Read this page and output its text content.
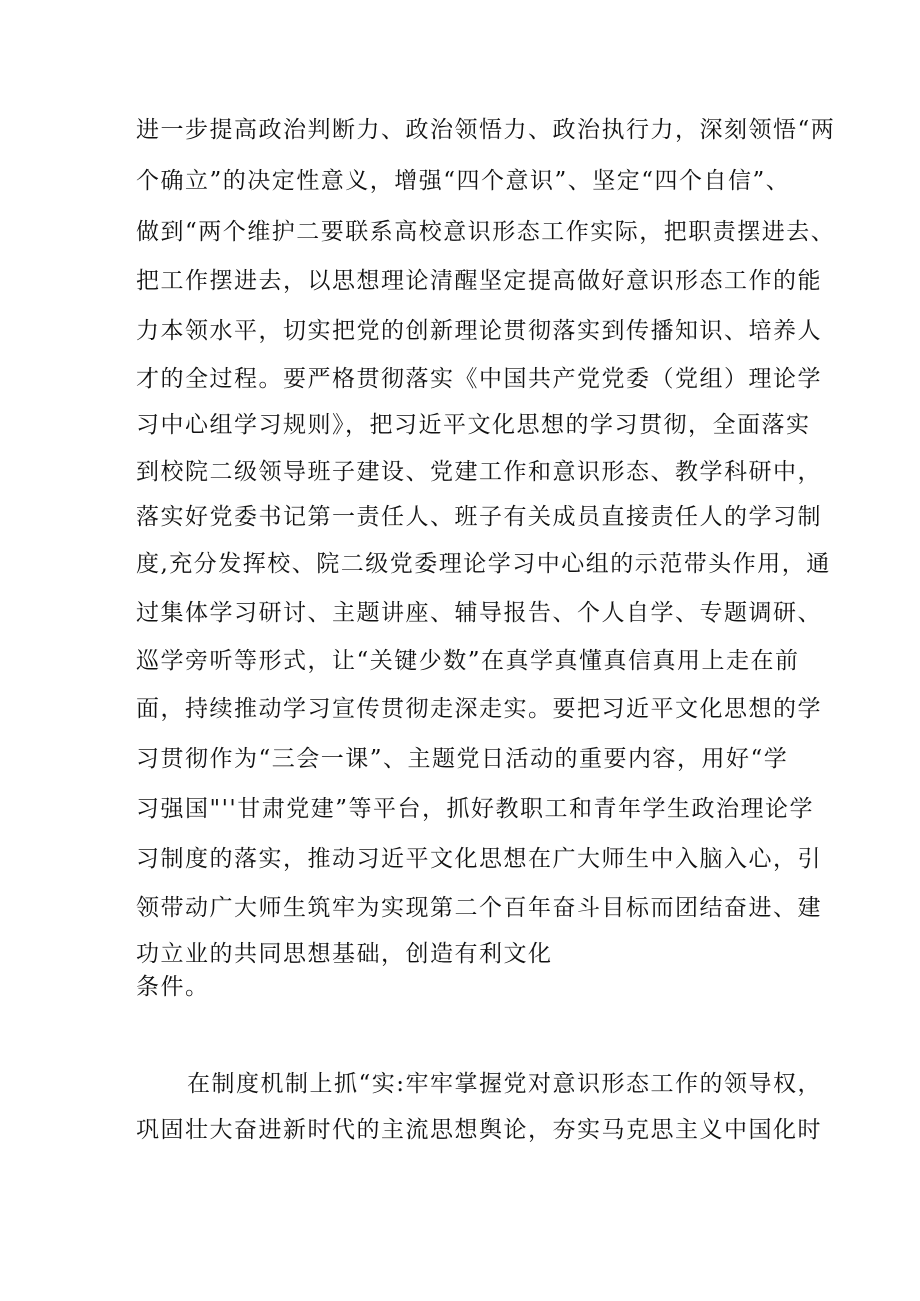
进一步提高政治判断力、政治领悟力、政治执行力，深刻领悟“两
个确立”的决定性意义，增强“四个意识”、坚定“四个自信”、
做到“两个维护二要联系高校意识形态工作实际，把职责摆进去、
把工作摆进去，以思想理论清醒坚定提高做好意识形态工作的能
力本领水平，切实把党的创新理论贯彻落实到传播知识、培养人
才的全过程。要严格贯彻落实《中国共产党党委（党组）理论学
习中心组学习规则》，把习近平文化思想的学习贯彻，全面落实
到校院二级领导班子建设、党建工作和意识形态、教学科研中，
落实好党委书记第一责任人、班子有关成员直接责任人的学习制
度,充分发挥校、院二级党委理论学习中心组的示范带头作用，通
过集体学习研讨、主题讲座、辅导报告、个人自学、专题调研、
巡学旁听等形式，让“关键少数”在真学真懂真信真用上走在前
面，持续推动学习宣传贯彻走深走实。要把习近平文化思想的学
习贯彻作为“三会一课”、主题党日活动的重要内容，用好“学
习强国"''甘肃党建”等平台，抓好教职工和青年学生政治理论学
习制度的落实，推动习近平文化思想在广大师生中入脑入心，引
领带动广大师生筑牢为实现第二个百年奋斗目标而团结奋进、建
功立业的共同思想基础，创造有利文化
条件。
在制度机制上抓“实:牢牢掌握党对意识形态工作的领导权，
巩固壮大奋进新时代的主流思想舆论，夯实马克思主义中国化时
